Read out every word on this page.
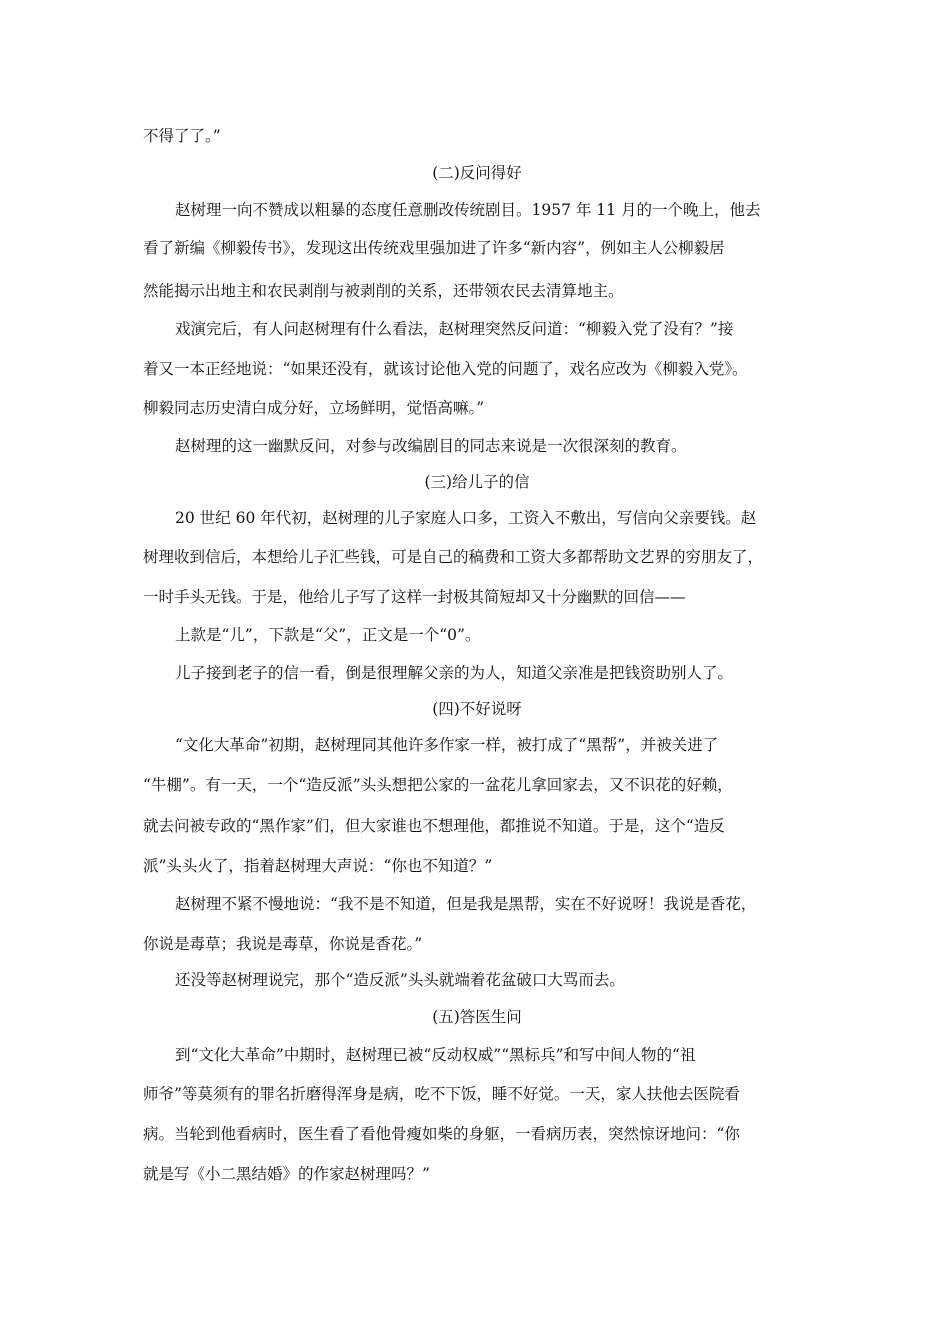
不得了了。”
(二)反问得好
赵树理一向不赞成以粗暴的态度任意删改传统剧目。1957 年 11 月的一个晚上，他去
看了新编《柳毅传书》，发现这出传统戏里强加进了许多“新内容”，例如主人公柳毅居
然能揭示出地主和农民剥削与被剥削的关系，还带领农民去清算地主。
戏演完后，有人问赵树理有什么看法，赵树理突然反问道：“柳毅入党了没有？”接
着又一本正经地说：“如果还没有，就该讨论他入党的问题了，戏名应改为《柳毅入党》。
柳毅同志历史清白成分好，立场鲜明，觉悟高嘛。”
赵树理的这一幽默反问，对参与改编剧目的同志来说是一次很深刻的教育。
(三)给儿子的信
20 世纪 60 年代初，赵树理的儿子家庭人口多，工资入不敷出，写信向父亲要钱。赵
树理收到信后，本想给儿子汇些钱，可是自己的稿费和工资大多都帮助文艺界的穷朋友了，
一时手头无钱。于是，他给儿子写了这样一封极其简短却又十分幽默的回信——
上款是“儿”，下款是“父”，正文是一个“0”。
儿子接到老子的信一看，倒是很理解父亲的为人，知道父亲准是把钱资助别人了。
(四)不好说呀
“文化大革命”初期，赵树理同其他许多作家一样，被打成了“黑帮”，并被关进了
“牛棚”。有一天，一个“造反派”头头想把公家的一盆花儿拿回家去，又不识花的好赖，
就去问被专政的“黑作家”们，但大家谁也不想理他，都推说不知道。于是，这个“造反
派”头头火了，指着赵树理大声说：“你也不知道？”
赵树理不紧不慢地说：“我不是不知道，但是我是黑帮，实在不好说呀！我说是香花，
你说是毒草；我说是毒草，你说是香花。”
还没等赵树理说完，那个“造反派”头头就端着花盆破口大骂而去。
(五)答医生问
到“文化大革命”中期时，赵树理已被“反动权威”“黑标兵”和写中间人物的“祖
师爷”等莫须有的罪名折磨得浑身是病，吃不下饭，睡不好觉。一天，家人扶他去医院看
病。当轮到他看病时，医生看了看他骨瘦如柴的身躯，一看病历表，突然惊讶地问：“你
就是写《小二黑结婚》的作家赵树理吗？”
